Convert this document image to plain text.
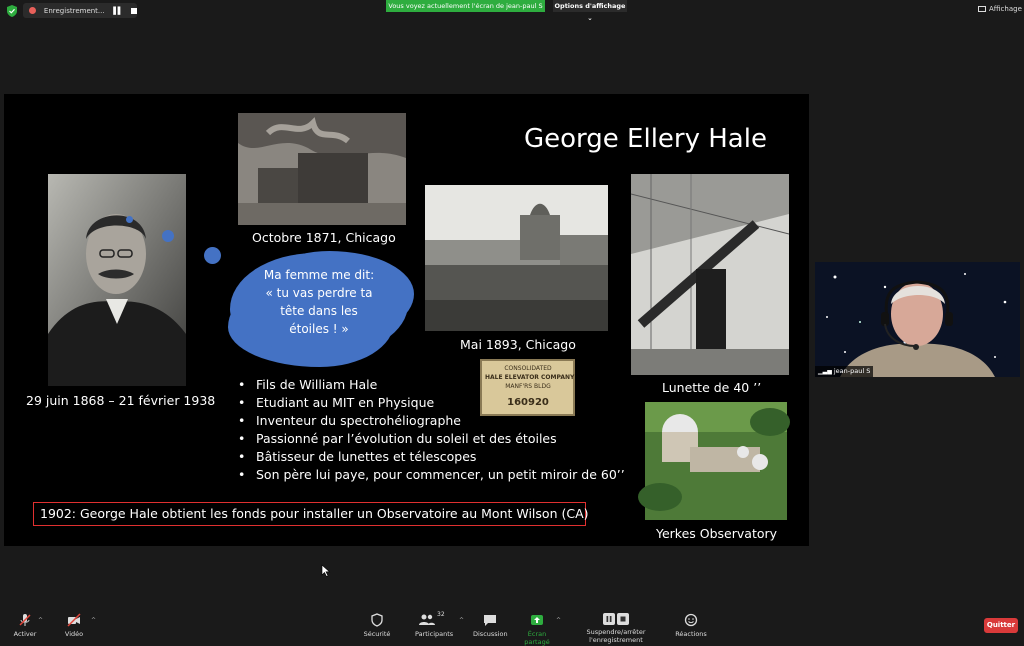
Enregistrement... ▌▌
Vous voyez actuellement l'écran de jean-paul S	Options d'affichage ⌄
Affichage
George Ellery Hale
29 juin 1868 – 21 février 1938
Ma femme me dit:
« tu vas perdre ta
tête dans les
étoiles ! »
Octobre 1871, Chicago
Mai 1893, Chicago
CONSOLIDATED
HALE ELEVATOR COMPANY
MANF'RS BLDG
160920
Lunette de 40 ’’
Yerkes Observatory
• Fils de William Hale
• Etudiant au MIT en Physique
• Inventeur du spectrohéliographe
• Passionné par l’évolution du soleil et des étoiles
• Bâtisseur de lunettes et télescopes
• Son père lui paye, pour commencer, un petit miroir de 60’’
1902: George Hale obtient les fonds pour installer un Observatoire au Mont Wilson (CA)
▁▃▅ jean-paul S
Activer
^
Vidéo
^
Sécurité
32
Participants
^
Discussion	Écran partagé
^
Suspendre/arrêter l'enregistrement
Réactions
Quitter
